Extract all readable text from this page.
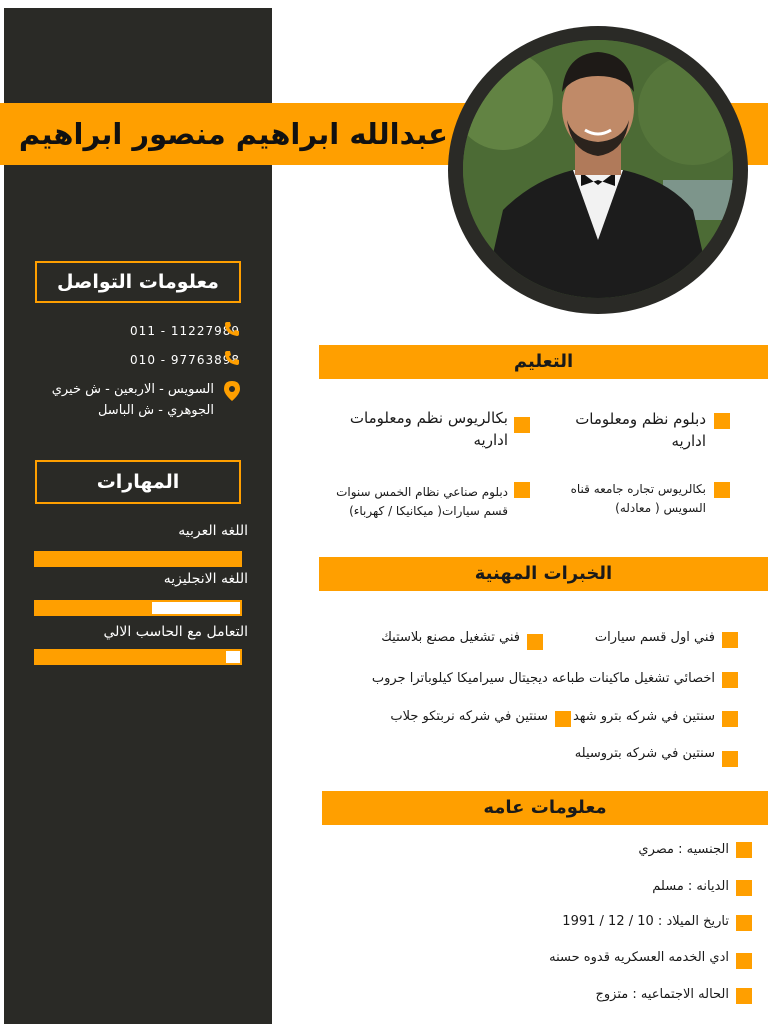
عبدالله ابراهيم منصور ابراهيم
معلومات التواصل
011 - 11227989
010 - 97763898
السويس - الاربعين - ش خيري الجوهري - ش الباسل
المهارات
اللغه العربيه
اللغه الانجليزيه
التعامل مع الحاسب الالي
التعليم
دبلوم نظم ومعلومات اداريه
بكالريوس نظم ومعلومات اداريه
بكالريوس تجاره جامعه قناه السويس ( معادله)
دبلوم صناعي نظام الخمس سنوات قسم سيارات( ميكانيكا / كهرباء)
الخبرات المهنية
فني اول قسم سيارات
فني تشغيل مصنع بلاستيك
اخصائي تشغيل ماكينات طباعه ديجيتال سيراميكا كيلوباترا جروب
سنتين في شركه بترو شهد
سنتين في شركه نربتكو جلاب
سنتين في شركه بتروسيله
معلومات عامه
الجنسيه : مصري
الديانه : مسلم
تاريخ الميلاد : 10 / 12 / 1991
ادي الخدمه العسكريه قدوه حسنه
الحاله الاجتماعيه : متزوج
